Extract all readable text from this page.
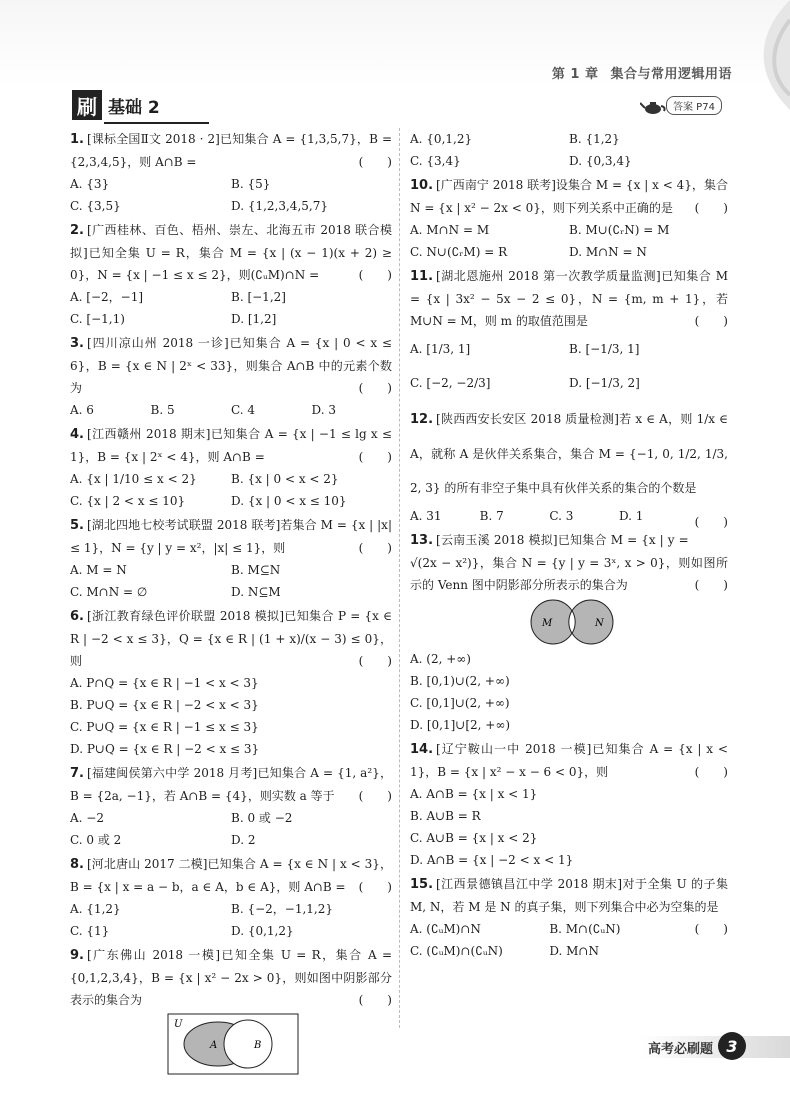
第 1 章 集合与常用逻辑用语
刷 基础 2	答案 P74
1. [课标全国Ⅱ文 2018 · 2]已知集合 A = {1,3,5,7}，B = {2,3,4,5}，则 A∩B =	(　　)
A. {3}	B. {5}
C. {3,5}	D. {1,2,3,4,5,7}
2. [广西桂林、百色、梧州、崇左、北海五市 2018 联合模拟]已知全集 U = R，集合 M = {x | (x − 1)(x + 2) ≥ 0}，N = {x | −1 ≤ x ≤ 2}，则(∁ᵤM)∩N =	(　　)
A. [−2，−1]	B. [−1,2]
C. [−1,1)	D. [1,2]
3. [四川凉山州 2018 一诊]已知集合 A = {x | 0 < x ≤ 6}，B = {x ∈ N | 2ˣ < 33}，则集合 A∩B 中的元素个数为	(　　)
A. 6	B. 5	C. 4	D. 3
4. [江西赣州 2018 期末]已知集合 A = {x | −1 ≤ lg x ≤ 1}，B = {x | 2ˣ < 4}，则 A∩B =	(　　)
A. {x | 1/10 ≤ x < 2}	B. {x | 0 < x < 2}
C. {x | 2 < x ≤ 10}	D. {x | 0 < x ≤ 10}
5. [湖北四地七校考试联盟 2018 联考]若集合 M = {x | |x| ≤ 1}，N = {y | y = x²，|x| ≤ 1}，则	(　　)
A. M = N	B. M⊆N
C. M∩N = ∅	D. N⊆M
6. [浙江教育绿色评价联盟 2018 模拟]已知集合 P = {x ∈ R | −2 < x ≤ 3}，Q = {x ∈ R | (1 + x)/(x − 3) ≤ 0}，则	(　　)
A. P∩Q = {x ∈ R | −1 < x < 3}
B. P∪Q = {x ∈ R | −2 < x < 3}
C. P∪Q = {x ∈ R | −1 ≤ x ≤ 3}
D. P∪Q = {x ∈ R | −2 < x ≤ 3}
7. [福建闽侯第六中学 2018 月考]已知集合 A = {1, a²}，B = {2a, −1}，若 A∩B = {4}，则实数 a 等于 (　　)
A. −2	B. 0 或 −2
C. 0 或 2	D. 2
8. [河北唐山 2017 二模]已知集合 A = {x ∈ N | x < 3}，B = {x | x = a − b，a ∈ A，b ∈ A}，则 A∩B = (　　)
A. {1,2}	B. {−2，−1,1,2}
C. {1}	D. {0,1,2}
9. [广东佛山 2018 一模]已知全集 U = R，集合 A = {0,1,2,3,4}，B = {x | x² − 2x > 0}，则如图中阴影部分表示的集合为	(　　)
U
A	B
A. {0,1,2}	B. {1,2}
C. {3,4}	D. {0,3,4}
10. [广西南宁 2018 联考]设集合 M = {x | x < 4}，集合 N = {x | x² − 2x < 0}，则下列关系中正确的是 (　　)
A. M∩N = M	B. M∪(∁ᵣN) = M
C. N∪(∁ᵣM) = R	D. M∩N = N
11. [湖北恩施州 2018 第一次教学质量监测]已知集合 M = {x | 3x² − 5x − 2 ≤ 0}，N = {m, m + 1}，若 M∪N = M，则 m 的取值范围是	(　　)
A. [1/3, 1]	B. [−1/3, 1]
C. [−2, −2/3]	D. [−1/3, 2]
12. [陕西西安长安区 2018 质量检测]若 x ∈ A，则 1/x ∈ A，就称 A 是伙伴关系集合，集合 M = {−1, 0, 1/2, 1/3, 2, 3} 的所有非空子集中具有伙伴关系的集合的个数是
(　　)
A. 31	B. 7	C. 3	D. 1
13. [云南玉溪 2018 模拟]已知集合 M = {x | y = √(2x − x²)}，集合 N = {y | y = 3ˣ, x > 0}，则如图所示的 Venn 图中阴影部分所表示的集合为	(　　)
M	N
A. (2, +∞)
B. [0,1)∪(2, +∞)
C. [0,1]∪(2, +∞)
D. [0,1]∪[2, +∞)
14. [辽宁鞍山一中 2018 一模]已知集合 A = {x | x < 1}，B = {x | x² − x − 6 < 0}，则	(　　)
A. A∩B = {x | x < 1}
B. A∪B = R
C. A∪B = {x | x < 2}
D. A∩B = {x | −2 < x < 1}
15. [江西景德镇昌江中学 2018 期末]对于全集 U 的子集 M, N，若 M 是 N 的真子集，则下列集合中必为空集的是
(　　)
A. (∁ᵤM)∩N	B. M∩(∁ᵤN)
C. (∁ᵤM)∩(∁ᵤN)	D. M∩N
高考必刷题 3
